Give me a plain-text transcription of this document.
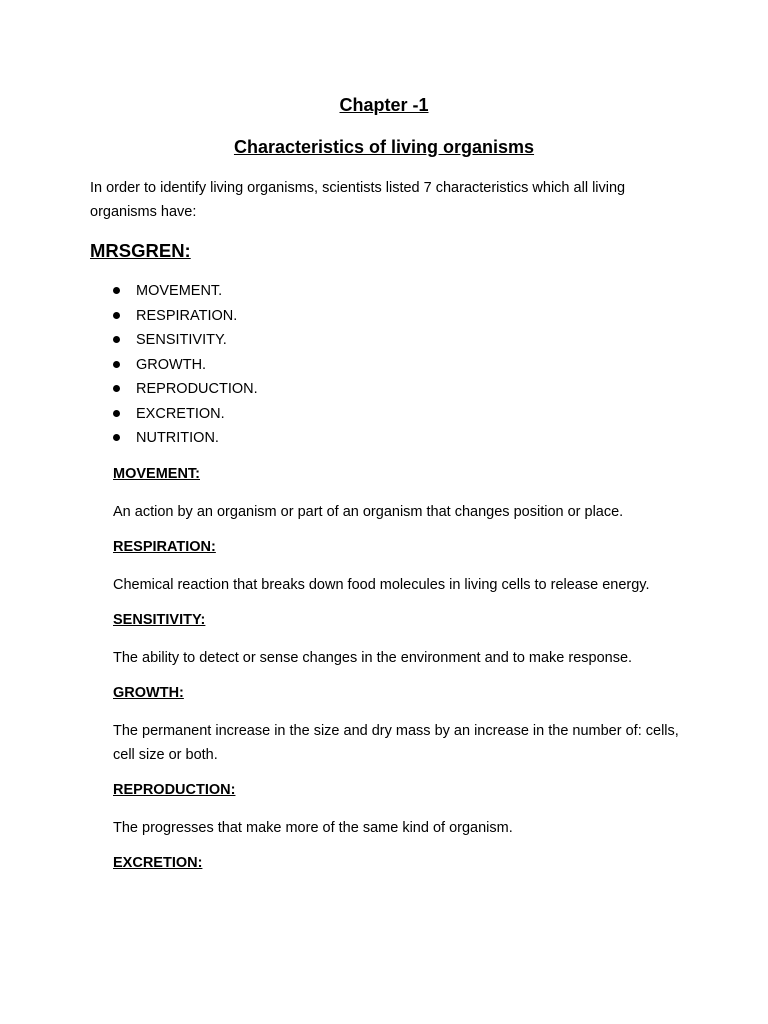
Chapter -1
Characteristics of living organisms
In order to identify living organisms, scientists listed 7 characteristics which all living organisms have:
MRSGREN:
MOVEMENT.
RESPIRATION.
SENSITIVITY.
GROWTH.
REPRODUCTION.
EXCRETION.
NUTRITION.
MOVEMENT:
An action by an organism or part of an organism that changes position or place.
RESPIRATION:
Chemical reaction that breaks down food molecules in living cells to release energy.
SENSITIVITY:
The ability to detect or sense changes in the environment and to make response.
GROWTH:
The permanent increase in the size and dry mass by an increase in the number of: cells, cell size or both.
REPRODUCTION:
The progresses that make more of the same kind of organism.
EXCRETION:
